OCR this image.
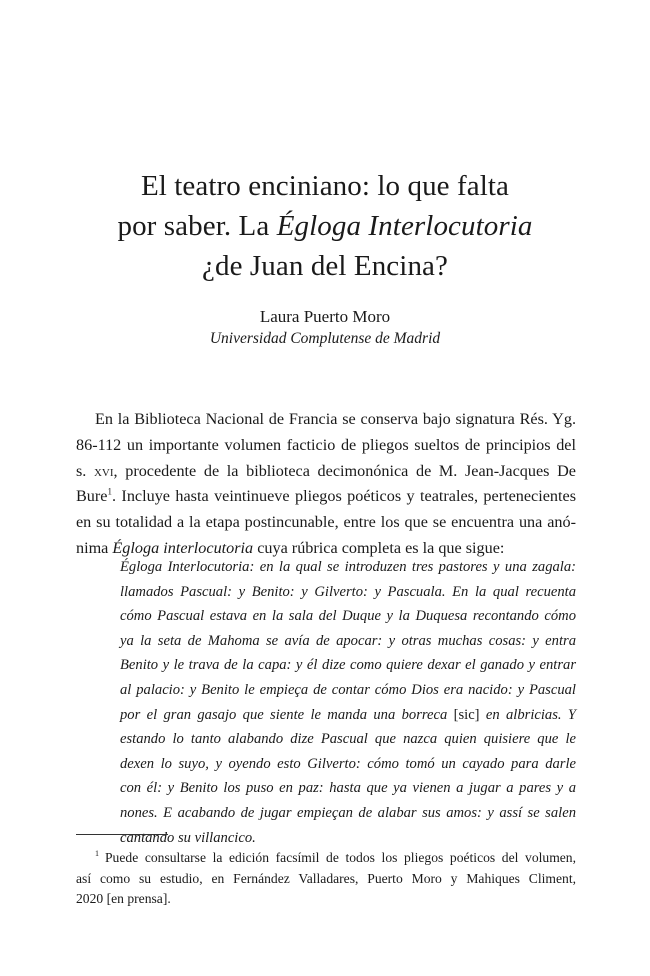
El teatro enciniano: lo que falta
por saber. La Égloga Interlocutoria
¿de Juan del Encina?

Laura Puerto Moro

Universidad Complutense de Madrid

En la Biblioteca Nacional de Francia se conserva bajo signatura Rés. Yg.
86-112 un importante volumen facticio de pliegos sueltos de principios del
s. xvi, procedente de la biblioteca decimonónica de M. Jean-Jacques De
Bure$^1$. Incluye hasta veintinueve pliegos poéticos y teatrales, pertenecientes
en su totalidad a la etapa postincunable, entre los que se encuentra una anó-
nima Égloga interlocutoria cuya rúbrica completa es la que sigue:

Égloga Interlocutoria: en la qual se introduzen tres pastores y una zagala:
llamados Pascual: y Benito: y Gilverto: y Pascuala. En la qual recuenta
cómo Pascual estava en la sala del Duque y la Duquesa recontando cómo
ya la seta de Mahoma se avía de apocar: y otras muchas cosas: y entra
Benito y le trava de la capa: y él dize como quiere dexar el ganado y entrar
al palacio: y Benito le empieça de contar cómo Dios era nacido: y Pascual
por el gran gasajo que siente le manda una borreca [sic] en albricias. Y
estando lo tanto alabando dize Pascual que nazca quien quisiere que le
dexen lo suyo, y oyendo esto Gilverto: cómo tomó un cayado para darle
con él: y Benito los puso en paz: hasta que ya vienen a jugar a pares y a
nones. E acabando de jugar empieçan de alabar sus amos: y assí se salen
cantando su villancico.

$^1$ Puede consultarse la edición facsímil de todos los pliegos poéticos del volumen,
así como su estudio, en Fernández Valladares, Puerto Moro y Mahiques Climent,
2020 [en prensa].
